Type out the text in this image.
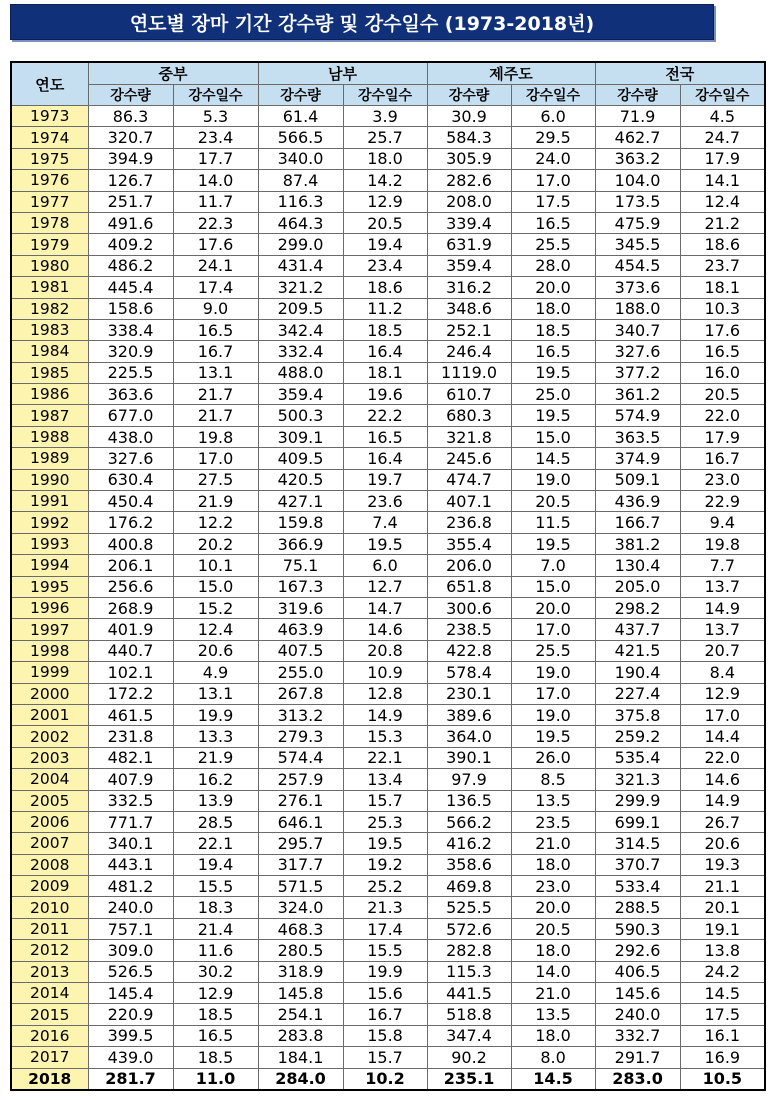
연도별 장마 기간 강수량 및 강수일수 (1973-2018년)
연도	중부		남부		제주도		전국	
	강수량	강수일수	강수량	강수일수	강수량	강수일수	강수량	강수일수
1973	86.3	5.3	61.4	3.9	30.9	6.0	71.9	4.5
1974	320.7	23.4	566.5	25.7	584.3	29.5	462.7	24.7
1975	394.9	17.7	340.0	18.0	305.9	24.0	363.2	17.9
1976	126.7	14.0	87.4	14.2	282.6	17.0	104.0	14.1
1977	251.7	11.7	116.3	12.9	208.0	17.5	173.5	12.4
1978	491.6	22.3	464.3	20.5	339.4	16.5	475.9	21.2
1979	409.2	17.6	299.0	19.4	631.9	25.5	345.5	18.6
1980	486.2	24.1	431.4	23.4	359.4	28.0	454.5	23.7
1981	445.4	17.4	321.2	18.6	316.2	20.0	373.6	18.1
1982	158.6	9.0	209.5	11.2	348.6	18.0	188.0	10.3
1983	338.4	16.5	342.4	18.5	252.1	18.5	340.7	17.6
1984	320.9	16.7	332.4	16.4	246.4	16.5	327.6	16.5
1985	225.5	13.1	488.0	18.1	1119.0	19.5	377.2	16.0
1986	363.6	21.7	359.4	19.6	610.7	25.0	361.2	20.5
1987	677.0	21.7	500.3	22.2	680.3	19.5	574.9	22.0
1988	438.0	19.8	309.1	16.5	321.8	15.0	363.5	17.9
1989	327.6	17.0	409.5	16.4	245.6	14.5	374.9	16.7
1990	630.4	27.5	420.5	19.7	474.7	19.0	509.1	23.0
1991	450.4	21.9	427.1	23.6	407.1	20.5	436.9	22.9
1992	176.2	12.2	159.8	7.4	236.8	11.5	166.7	9.4
1993	400.8	20.2	366.9	19.5	355.4	19.5	381.2	19.8
1994	206.1	10.1	75.1	6.0	206.0	7.0	130.4	7.7
1995	256.6	15.0	167.3	12.7	651.8	15.0	205.0	13.7
1996	268.9	15.2	319.6	14.7	300.6	20.0	298.2	14.9
1997	401.9	12.4	463.9	14.6	238.5	17.0	437.7	13.7
1998	440.7	20.6	407.5	20.8	422.8	25.5	421.5	20.7
1999	102.1	4.9	255.0	10.9	578.4	19.0	190.4	8.4
2000	172.2	13.1	267.8	12.8	230.1	17.0	227.4	12.9
2001	461.5	19.9	313.2	14.9	389.6	19.0	375.8	17.0
2002	231.8	13.3	279.3	15.3	364.0	19.5	259.2	14.4
2003	482.1	21.9	574.4	22.1	390.1	26.0	535.4	22.0
2004	407.9	16.2	257.9	13.4	97.9	8.5	321.3	14.6
2005	332.5	13.9	276.1	15.7	136.5	13.5	299.9	14.9
2006	771.7	28.5	646.1	25.3	566.2	23.5	699.1	26.7
2007	340.1	22.1	295.7	19.5	416.2	21.0	314.5	20.6
2008	443.1	19.4	317.7	19.2	358.6	18.0	370.7	19.3
2009	481.2	15.5	571.5	25.2	469.8	23.0	533.4	21.1
2010	240.0	18.3	324.0	21.3	525.5	20.0	288.5	20.1
2011	757.1	21.4	468.3	17.4	572.6	20.5	590.3	19.1
2012	309.0	11.6	280.5	15.5	282.8	18.0	292.6	13.8
2013	526.5	30.2	318.9	19.9	115.3	14.0	406.5	24.2
2014	145.4	12.9	145.8	15.6	441.5	21.0	145.6	14.5
2015	220.9	18.5	254.1	16.7	518.8	13.5	240.0	17.5
2016	399.5	16.5	283.8	15.8	347.4	18.0	332.7	16.1
2017	439.0	18.5	184.1	15.7	90.2	8.0	291.7	16.9
2018	281.7	11.0	284.0	10.2	235.1	14.5	283.0	10.5
